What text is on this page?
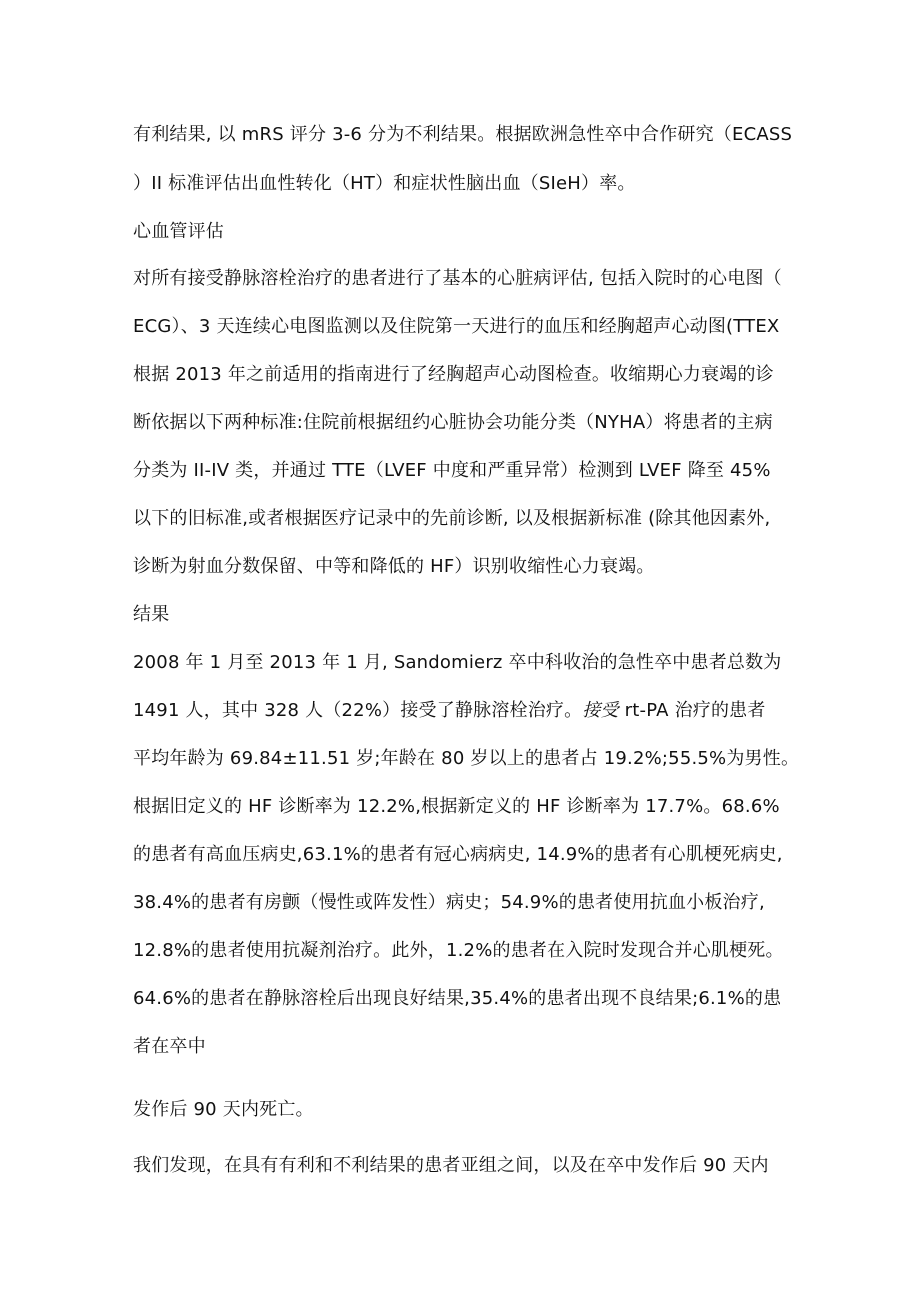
有利结果, 以 mRS 评分 3-6 分为不利结果。根据欧洲急性卒中合作研究（ECASS
）II 标准评估出血性转化（HT）和症状性脑出血（SIeH）率。
心血管评估
对所有接受静脉溶栓治疗的患者进行了基本的心脏病评估, 包括入院时的心电图（
ECG）、3 天连续心电图监测以及住院第一天进行的血压和经胸超声心动图(TTEX
根据 2013 年之前适用的指南进行了经胸超声心动图检查。收缩期心力衰竭的诊
断依据以下两种标准:住院前根据纽约心脏协会功能分类（NYHA）将患者的主病
分类为 II-IV 类，并通过 TTE（LVEF 中度和严重异常）检测到 LVEF 降至 45%
以下的旧标准,或者根据医疗记录中的先前诊断, 以及根据新标准 (除其他因素外,
诊断为射血分数保留、中等和降低的 HF）识别收缩性心力衰竭。
结果
2008 年 1 月至 2013 年 1 月, Sandomierz 卒中科收治的急性卒中患者总数为
1491 人，其中 328 人（22%）接受了静脉溶栓治疗。接受 rt-PA 治疗的患者
平均年龄为 69.84±11.51 岁;年龄在 80 岁以上的患者占 19.2%;55.5%为男性。
根据旧定义的 HF 诊断率为 12.2%,根据新定义的 HF 诊断率为 17.7%。68.6%
的患者有高血压病史,63.1%的患者有冠心病病史, 14.9%的患者有心肌梗死病史,
38.4%的患者有房颤（慢性或阵发性）病史；54.9%的患者使用抗血小板治疗,
12.8%的患者使用抗凝剂治疗。此外，1.2%的患者在入院时发现合并心肌梗死。
64.6%的患者在静脉溶栓后出现良好结果,35.4%的患者出现不良结果;6.1%的患
者在卒中
发作后 90 天内死亡。
我们发现，在具有有利和不利结果的患者亚组之间，以及在卒中发作后 90 天内
